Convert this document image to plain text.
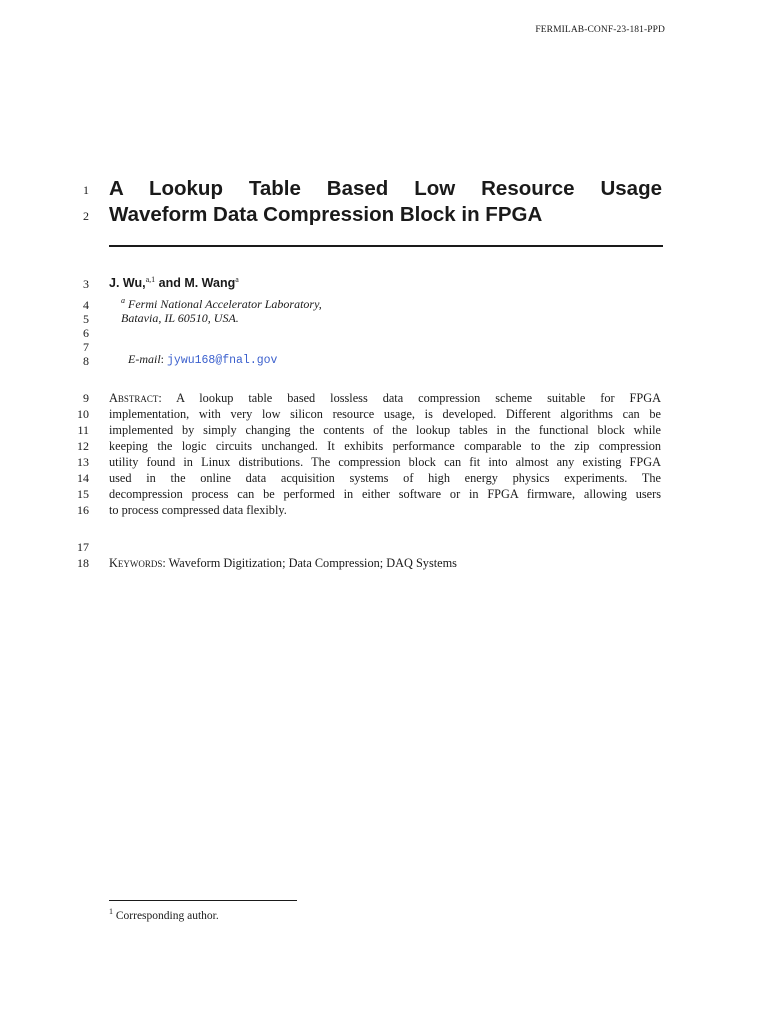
FERMILAB-CONF-23-181-PPD
1
2
3
4
5
6
7
8
9
10
11
12
13
14
15
16
17
18
A Lookup Table Based Low Resource Usage
Waveform Data Compression Block in FPGA
J. Wu,$^{a,1}$ and M. Wang$^a$
$^a$ Fermi National Accelerator Laboratory,
Batavia, IL 60510, USA.
E-mail: jywu168@fnal.gov
Abstract: A lookup table based lossless data compression scheme suitable for FPGA
implementation, with very low silicon resource usage, is developed. Different algorithms can be
implemented by simply changing the contents of the lookup tables in the functional block while
keeping the logic circuits unchanged. It exhibits performance comparable to the zip compression
utility found in Linux distributions. The compression block can fit into almost any existing FPGA
used in the online data acquisition systems of high energy physics experiments. The
decompression process can be performed in either software or in FPGA firmware, allowing users
to process compressed data flexibly.
Keywords: Waveform Digitization; Data Compression; DAQ Systems
$^1$ Corresponding author.
